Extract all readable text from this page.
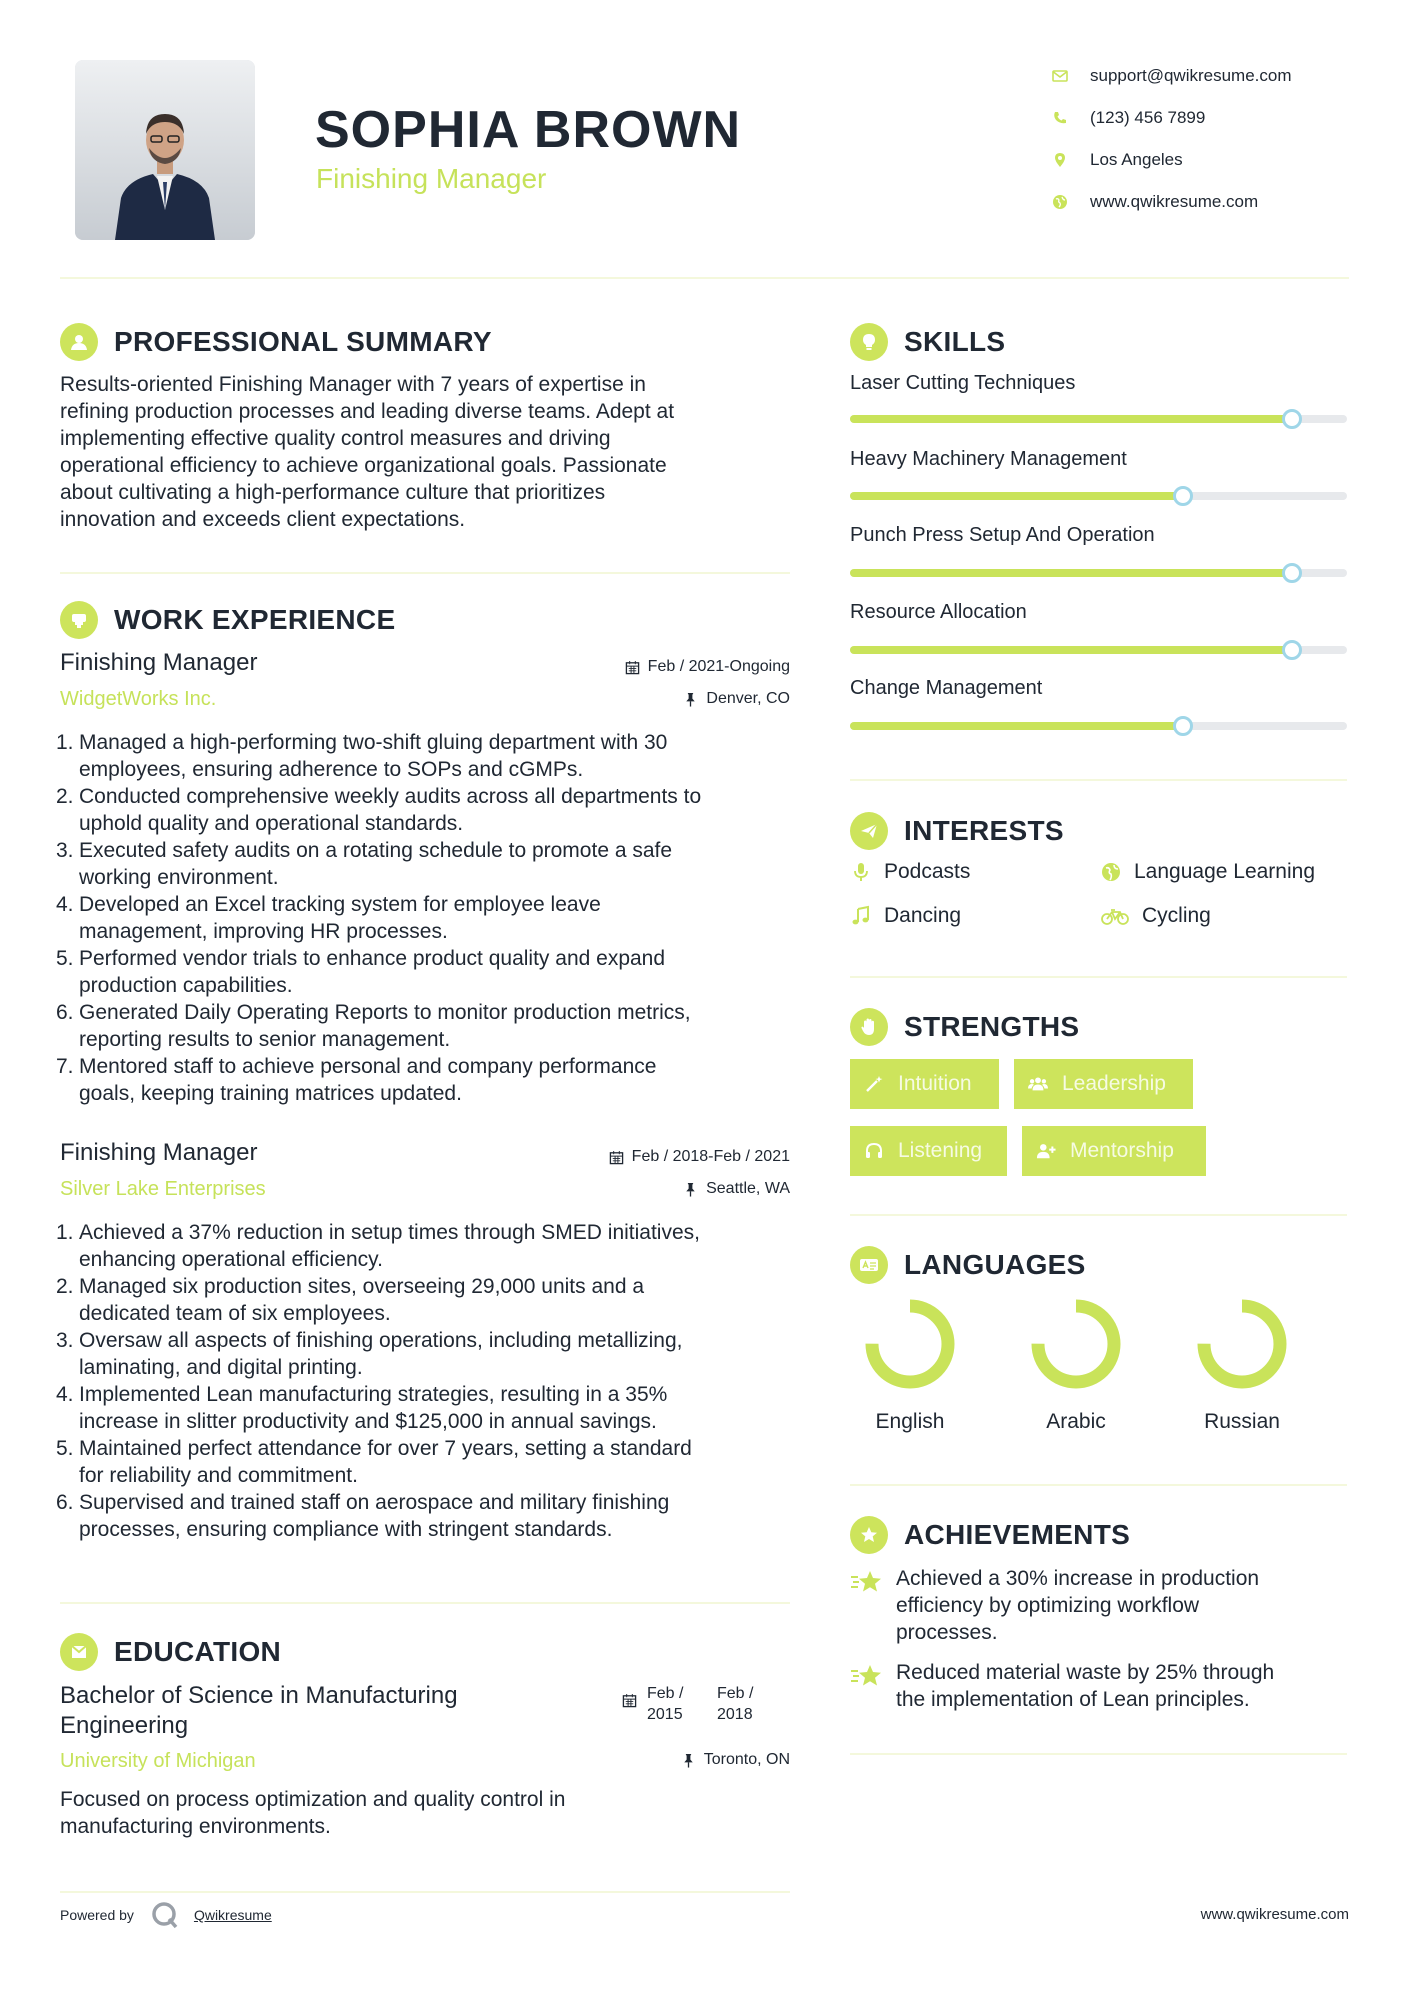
SOPHIA BROWN
Finishing Manager
support@qwikresume.com
(123) 456 7899
Los Angeles
www.qwikresume.com
PROFESSIONAL SUMMARY
Results-oriented Finishing Manager with 7 years of expertise in
refining production processes and leading diverse teams. Adept at
implementing effective quality control measures and driving
operational efficiency to achieve organizational goals. Passionate
about cultivating a high-performance culture that prioritizes
innovation and exceeds client expectations.
WORK EXPERIENCE
Finishing Manager
WidgetWorks Inc.
Feb / 2021-Ongoing
Denver, CO
1. Managed a high-performing two-shift gluing department with 30
employees, ensuring adherence to SOPs and cGMPs.
2. Conducted comprehensive weekly audits across all departments to
uphold quality and operational standards.
3. Executed safety audits on a rotating schedule to promote a safe
working environment.
4. Developed an Excel tracking system for employee leave
management, improving HR processes.
5. Performed vendor trials to enhance product quality and expand
production capabilities.
6. Generated Daily Operating Reports to monitor production metrics,
reporting results to senior management.
7. Mentored staff to achieve personal and company performance
goals, keeping training matrices updated.
Finishing Manager
Silver Lake Enterprises
Feb / 2018-Feb / 2021
Seattle, WA
1. Achieved a 37% reduction in setup times through SMED initiatives,
enhancing operational efficiency.
2. Managed six production sites, overseeing 29,000 units and a
dedicated team of six employees.
3. Oversaw all aspects of finishing operations, including metallizing,
laminating, and digital printing.
4. Implemented Lean manufacturing strategies, resulting in a 35%
increase in slitter productivity and $125,000 in annual savings.
5. Maintained perfect attendance for over 7 years, setting a standard
for reliability and commitment.
6. Supervised and trained staff on aerospace and military finishing
processes, ensuring compliance with stringent standards.
EDUCATION
Bachelor of Science in Manufacturing
Engineering
University of Michigan
Feb /
2015
Feb /
2018
Toronto, ON
Focused on process optimization and quality control in
manufacturing environments.
SKILLS
Laser Cutting Techniques
Heavy Machinery Management
Punch Press Setup And Operation
Resource Allocation
Change Management
INTERESTS
Podcasts	Language Learning
Dancing	Cycling
STRENGTHS
Intuition	Leadership
Listening	Mentorship
LANGUAGES
English	Arabic	Russian
ACHIEVEMENTS
Achieved a 30% increase in production
efficiency by optimizing workflow
processes.
Reduced material waste by 25% through
the implementation of Lean principles.
Powered by	Qwikresume	www.qwikresume.com
